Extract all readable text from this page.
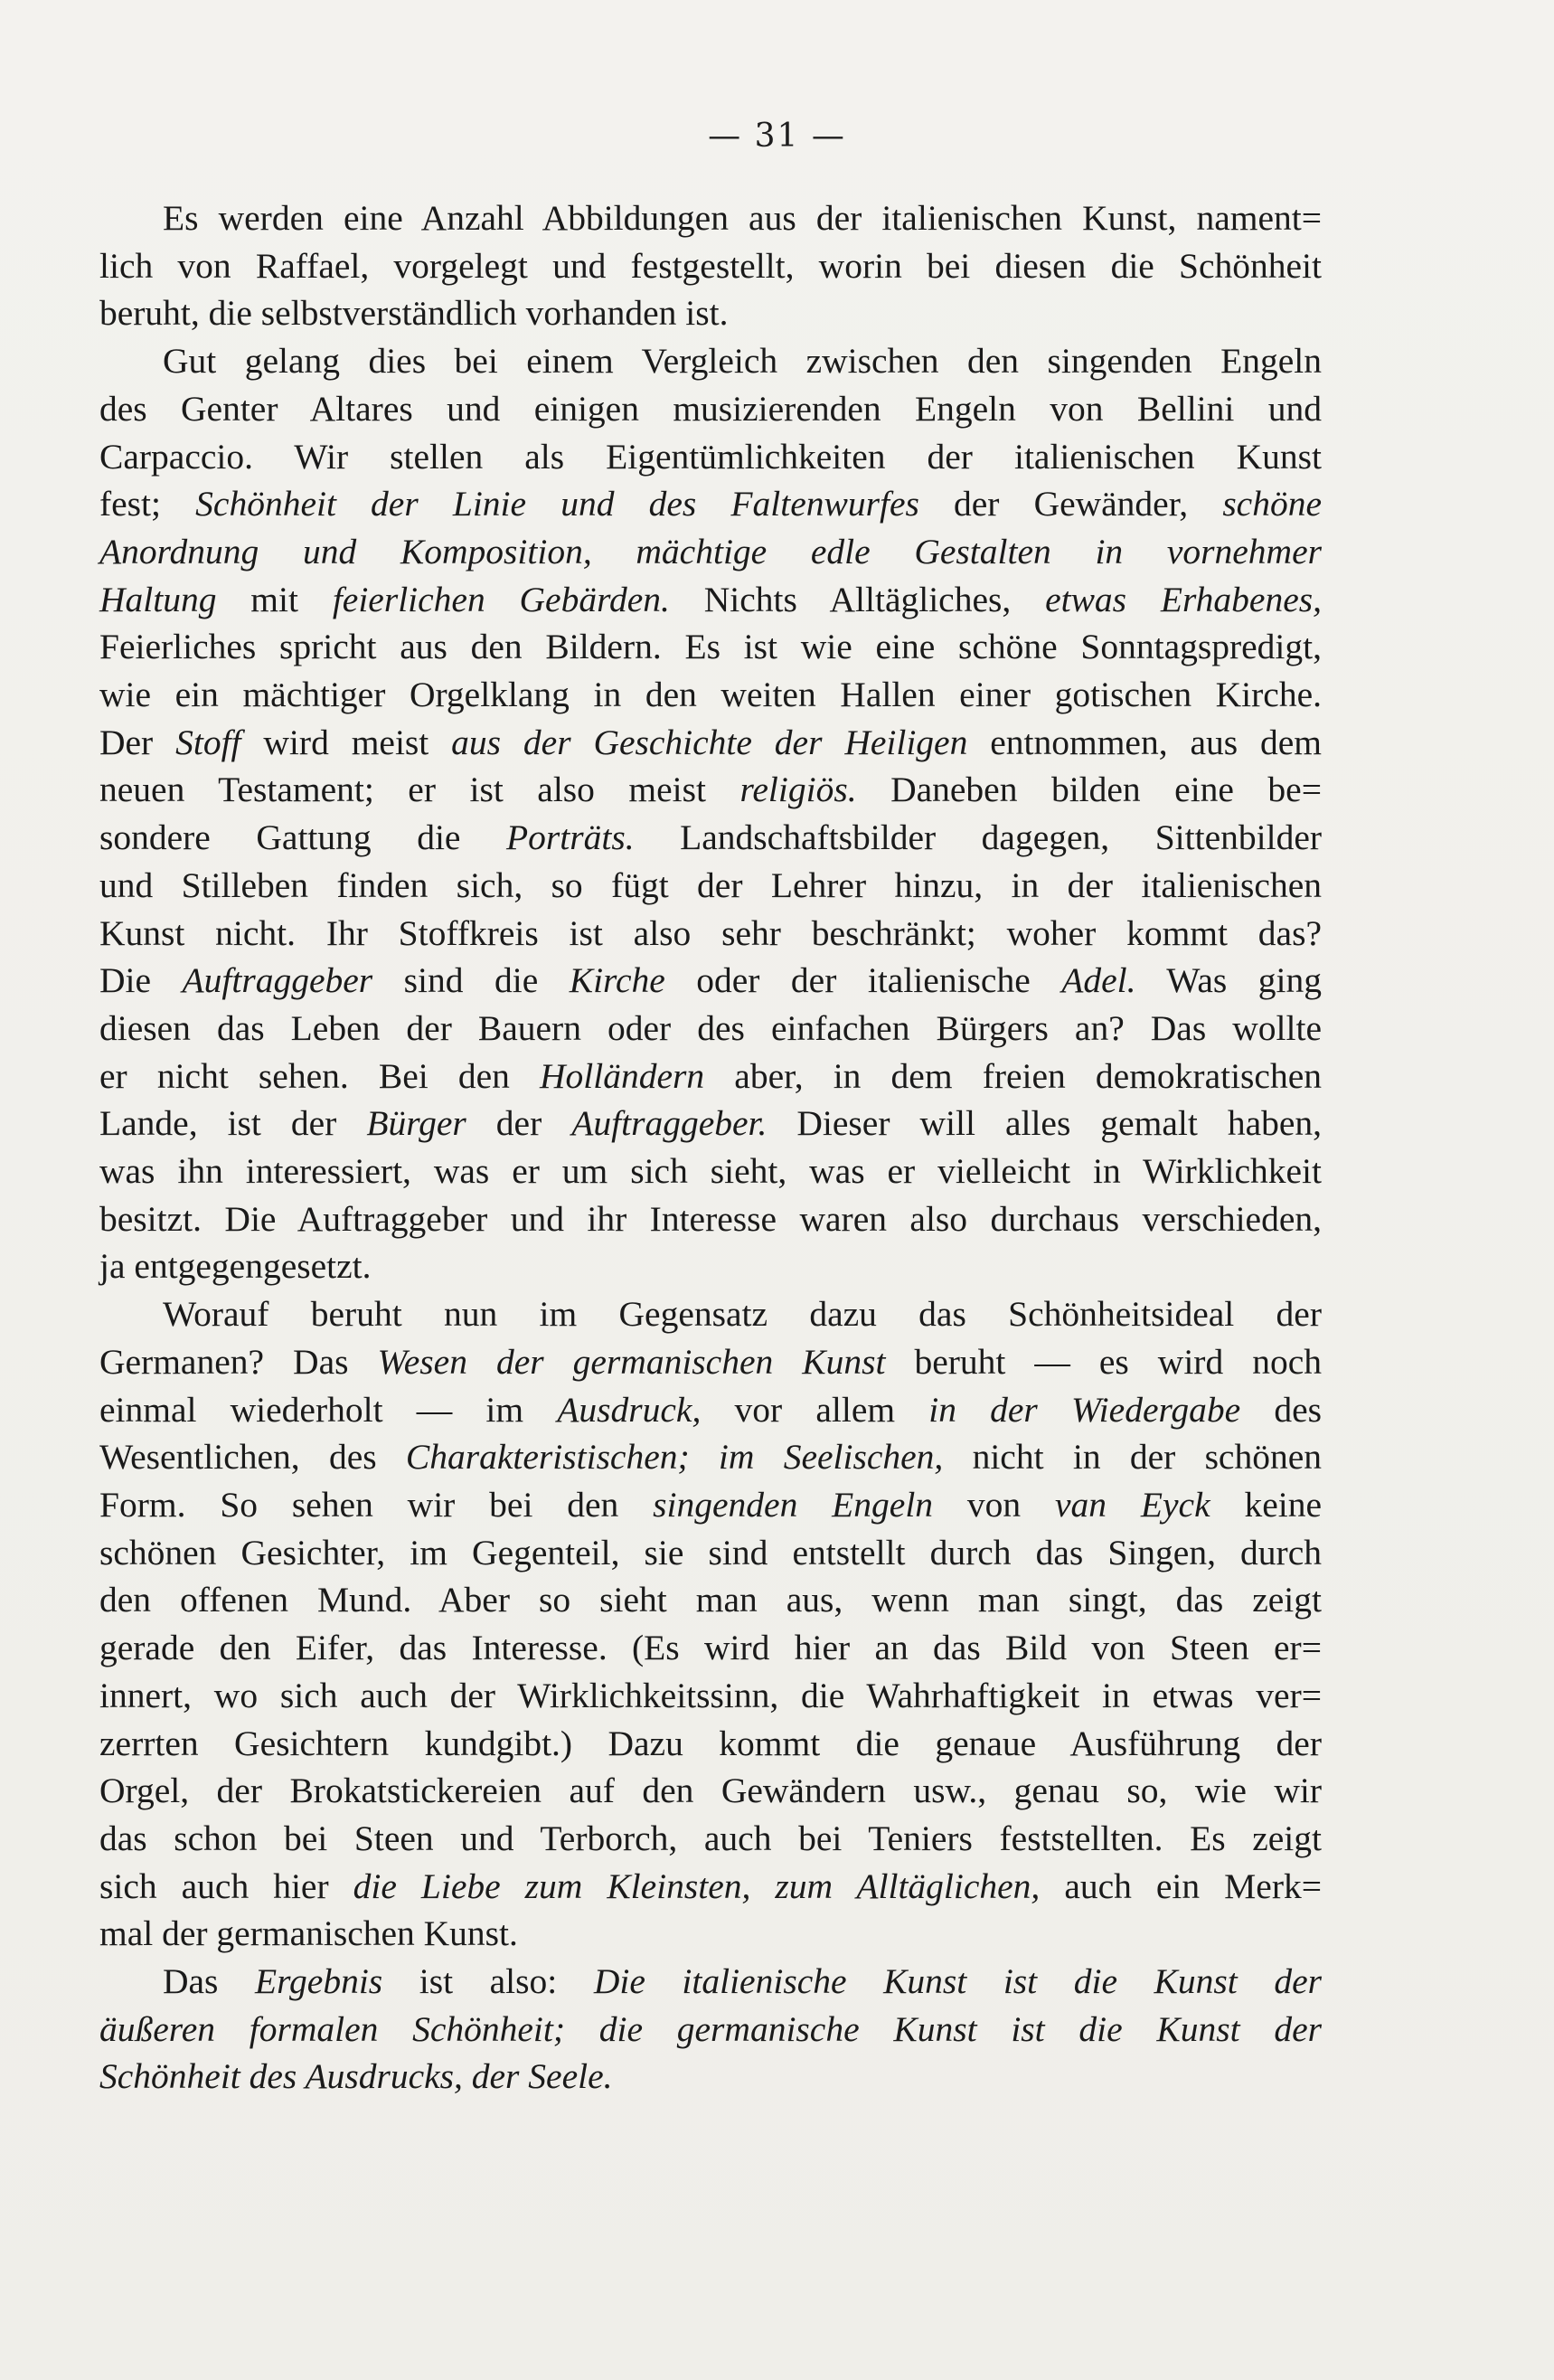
— 31 —

Es werden eine Anzahl Abbildungen aus der italienischen Kunst, nament=
lich von Raffael, vorgelegt und festgestellt, worin bei diesen die Schönheit
beruht, die selbstverständlich vorhanden ist.

Gut gelang dies bei einem Vergleich zwischen den singenden Engeln
des Genter Altares und einigen musizierenden Engeln von Bellini und
Carpaccio. Wir stellen als Eigentümlichkeiten der italienischen Kunst
fest; Schönheit der Linie und des Faltenwurfes der Gewänder, schöne
Anordnung und Komposition, mächtige edle Gestalten in vornehmer
Haltung mit feierlichen Gebärden. Nichts Alltägliches, etwas Erhabenes,
Feierliches spricht aus den Bildern. Es ist wie eine schöne Sonntagspredigt,
wie ein mächtiger Orgelklang in den weiten Hallen einer gotischen Kirche.
Der Stoff wird meist aus der Geschichte der Heiligen entnommen, aus dem
neuen Testament; er ist also meist religiös. Daneben bilden eine be=
sondere Gattung die Porträts. Landschaftsbilder dagegen, Sittenbilder
und Stilleben finden sich, so fügt der Lehrer hinzu, in der italienischen
Kunst nicht. Ihr Stoffkreis ist also sehr beschränkt; woher kommt das?
Die Auftraggeber sind die Kirche oder der italienische Adel. Was ging
diesen das Leben der Bauern oder des einfachen Bürgers an? Das wollte
er nicht sehen. Bei den Holländern aber, in dem freien demokratischen
Lande, ist der Bürger der Auftraggeber. Dieser will alles gemalt haben,
was ihn interessiert, was er um sich sieht, was er vielleicht in Wirklichkeit
besitzt. Die Auftraggeber und ihr Interesse waren also durchaus verschieden,
ja entgegengesetzt.

Worauf beruht nun im Gegensatz dazu das Schönheitsideal der
Germanen? Das Wesen der germanischen Kunst beruht — es wird noch
einmal wiederholt — im Ausdruck, vor allem in der Wiedergabe des
Wesentlichen, des Charakteristischen; im Seelischen, nicht in der schönen
Form. So sehen wir bei den singenden Engeln von van Eyck keine
schönen Gesichter, im Gegenteil, sie sind entstellt durch das Singen, durch
den offenen Mund. Aber so sieht man aus, wenn man singt, das zeigt
gerade den Eifer, das Interesse. (Es wird hier an das Bild von Steen er=
innert, wo sich auch der Wirklichkeitssinn, die Wahrhaftigkeit in etwas ver=
zerrten Gesichtern kundgibt.) Dazu kommt die genaue Ausführung der
Orgel, der Brokatstickereien auf den Gewändern usw., genau so, wie wir
das schon bei Steen und Terborch, auch bei Teniers feststellten. Es zeigt
sich auch hier die Liebe zum Kleinsten, zum Alltäglichen, auch ein Merk=
mal der germanischen Kunst.

Das Ergebnis ist also: Die italienische Kunst ist die Kunst der
äußeren formalen Schönheit; die germanische Kunst ist die Kunst der
Schönheit des Ausdrucks, der Seele.
